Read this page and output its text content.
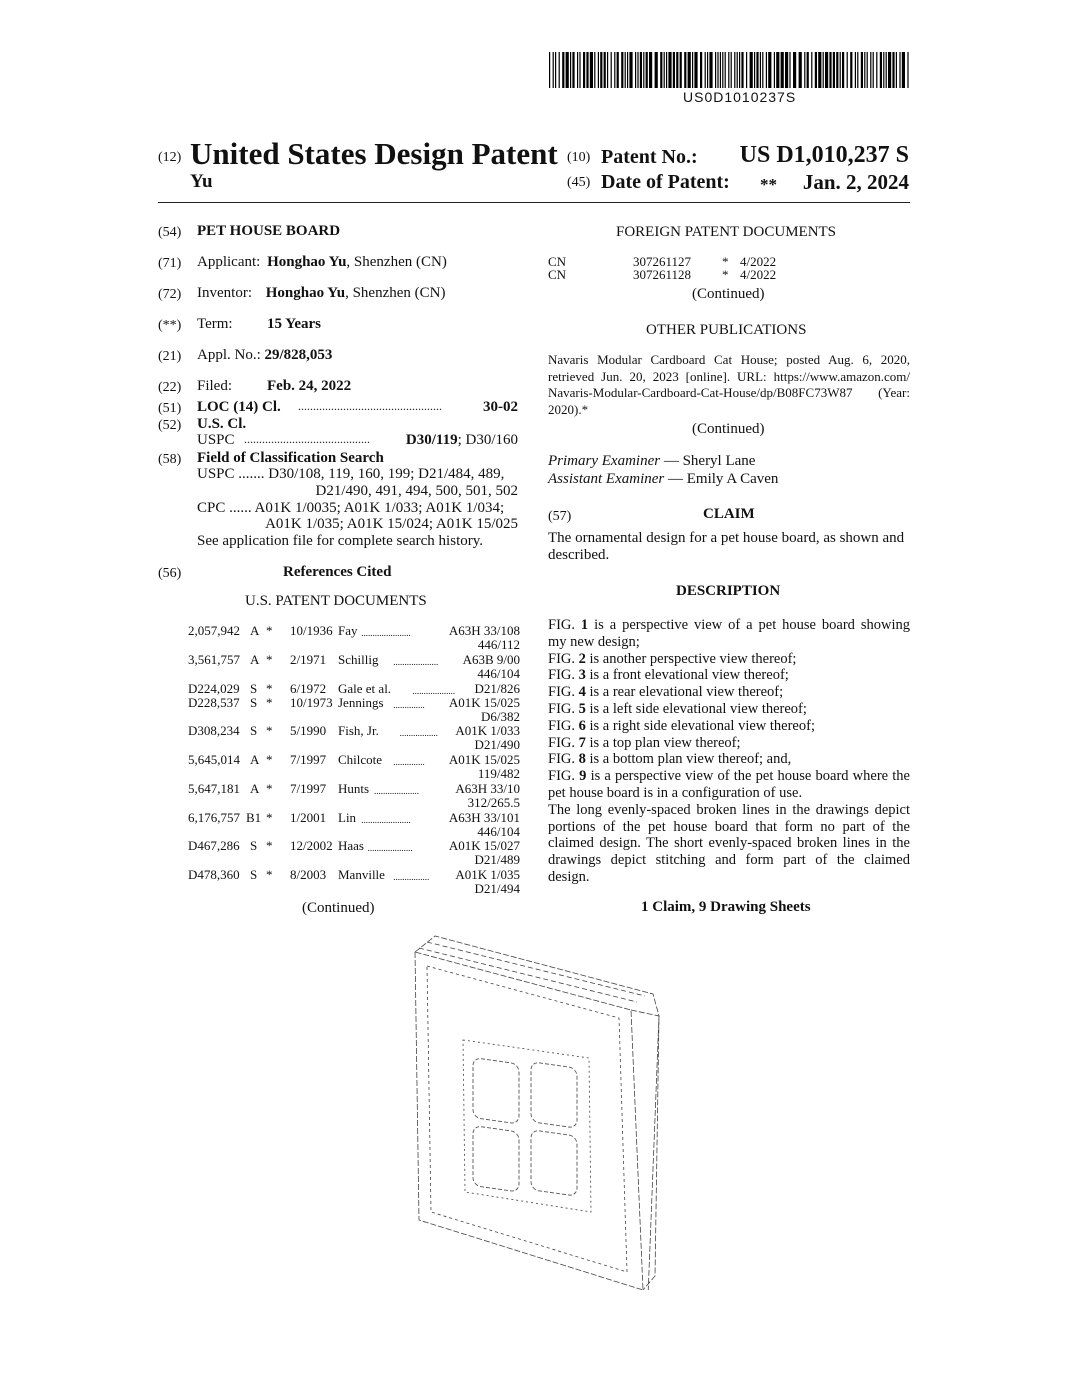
US0D1010237S
(12) United States Design Patent
Yu
(10) Patent No.: US D1,010,237 S
(45) Date of Patent: ** Jan. 2, 2024
(54) PET HOUSE BOARD
(71) Applicant: Honghao Yu, Shenzhen (CN)
(72) Inventor: Honghao Yu, Shenzhen (CN)
(**) Term: 15 Years
(21) Appl. No.: 29/828,053
(22) Filed: Feb. 24, 2022
(51) LOC (14) Cl. ................................................	30-02
(52) U.S. Cl.
USPC .......................................... D30/119; D30/160
(58) Field of Classification Search
USPC ....... D30/108, 119, 160, 199; D21/484, 489,
D21/490, 491, 494, 500, 501, 502
CPC ...... A01K 1/0035; A01K 1/033; A01K 1/034;
A01K 1/035; A01K 15/024; A01K 15/025
See application file for complete search history.
(56)	References Cited
U.S. PATENT DOCUMENTS
2,057,942 A * 10/1936 Fay	A63H 33/108
446/112
......................
3,561,757 A * 2/1971 Schillig	A63B 9/00
446/104
....................
D224,029 S * 6/1972 Gale et al.	D21/826
...................
D228,537 S * 10/1973 Jennings	A01K 15/025
D6/382
..............
D308,234 S * 5/1990 Fish, Jr.	A01K 1/033
D21/490
.................
5,645,014 A * 7/1997 Chilcote	A01K 15/025
119/482
..............
5,647,181 A * 7/1997 Hunts	A63H 33/10
312/265.5
....................
6,176,757 B1 * 1/2001 Lin	A63H 33/101
446/104
......................
D467,286 S * 12/2002 Haas	A01K 15/027
D21/489
....................
D478,360 S * 8/2003 Manville	A01K 1/035
D21/494
................
(Continued)
FOREIGN PATENT DOCUMENTS
CN	307261127 * 4/2022
CN	307261128 * 4/2022
(Continued)
OTHER PUBLICATIONS
Navaris Modular Cardboard Cat House; posted Aug. 6, 2020,
retrieved Jun. 20, 2023 [online]. URL: https://www.amazon.com/
Navaris-Modular-Cardboard-Cat-House/dp/B08FC73W87 (Year:
2020).*
(Continued)
Primary Examiner — Sheryl Lane
Assistant Examiner — Emily A Caven
(57)	CLAIM
The ornamental design for a pet house board, as shown and
described.
DESCRIPTION
FIG. 1 is a perspective view of a pet house board showing
my new design;
FIG. 2 is another perspective view thereof;
FIG. 3 is a front elevational view thereof;
FIG. 4 is a rear elevational view thereof;
FIG. 5 is a left side elevational view thereof;
FIG. 6 is a right side elevational view thereof;
FIG. 7 is a top plan view thereof;
FIG. 8 is a bottom plan view thereof; and,
FIG. 9 is a perspective view of the pet house board where the
pet house board is in a configuration of use.
The long evenly-spaced broken lines in the drawings depict
portions of the pet house board that form no part of the
claimed design. The short evenly-spaced broken lines in the
drawings depict stitching and form part of the claimed
design.
1 Claim, 9 Drawing Sheets
